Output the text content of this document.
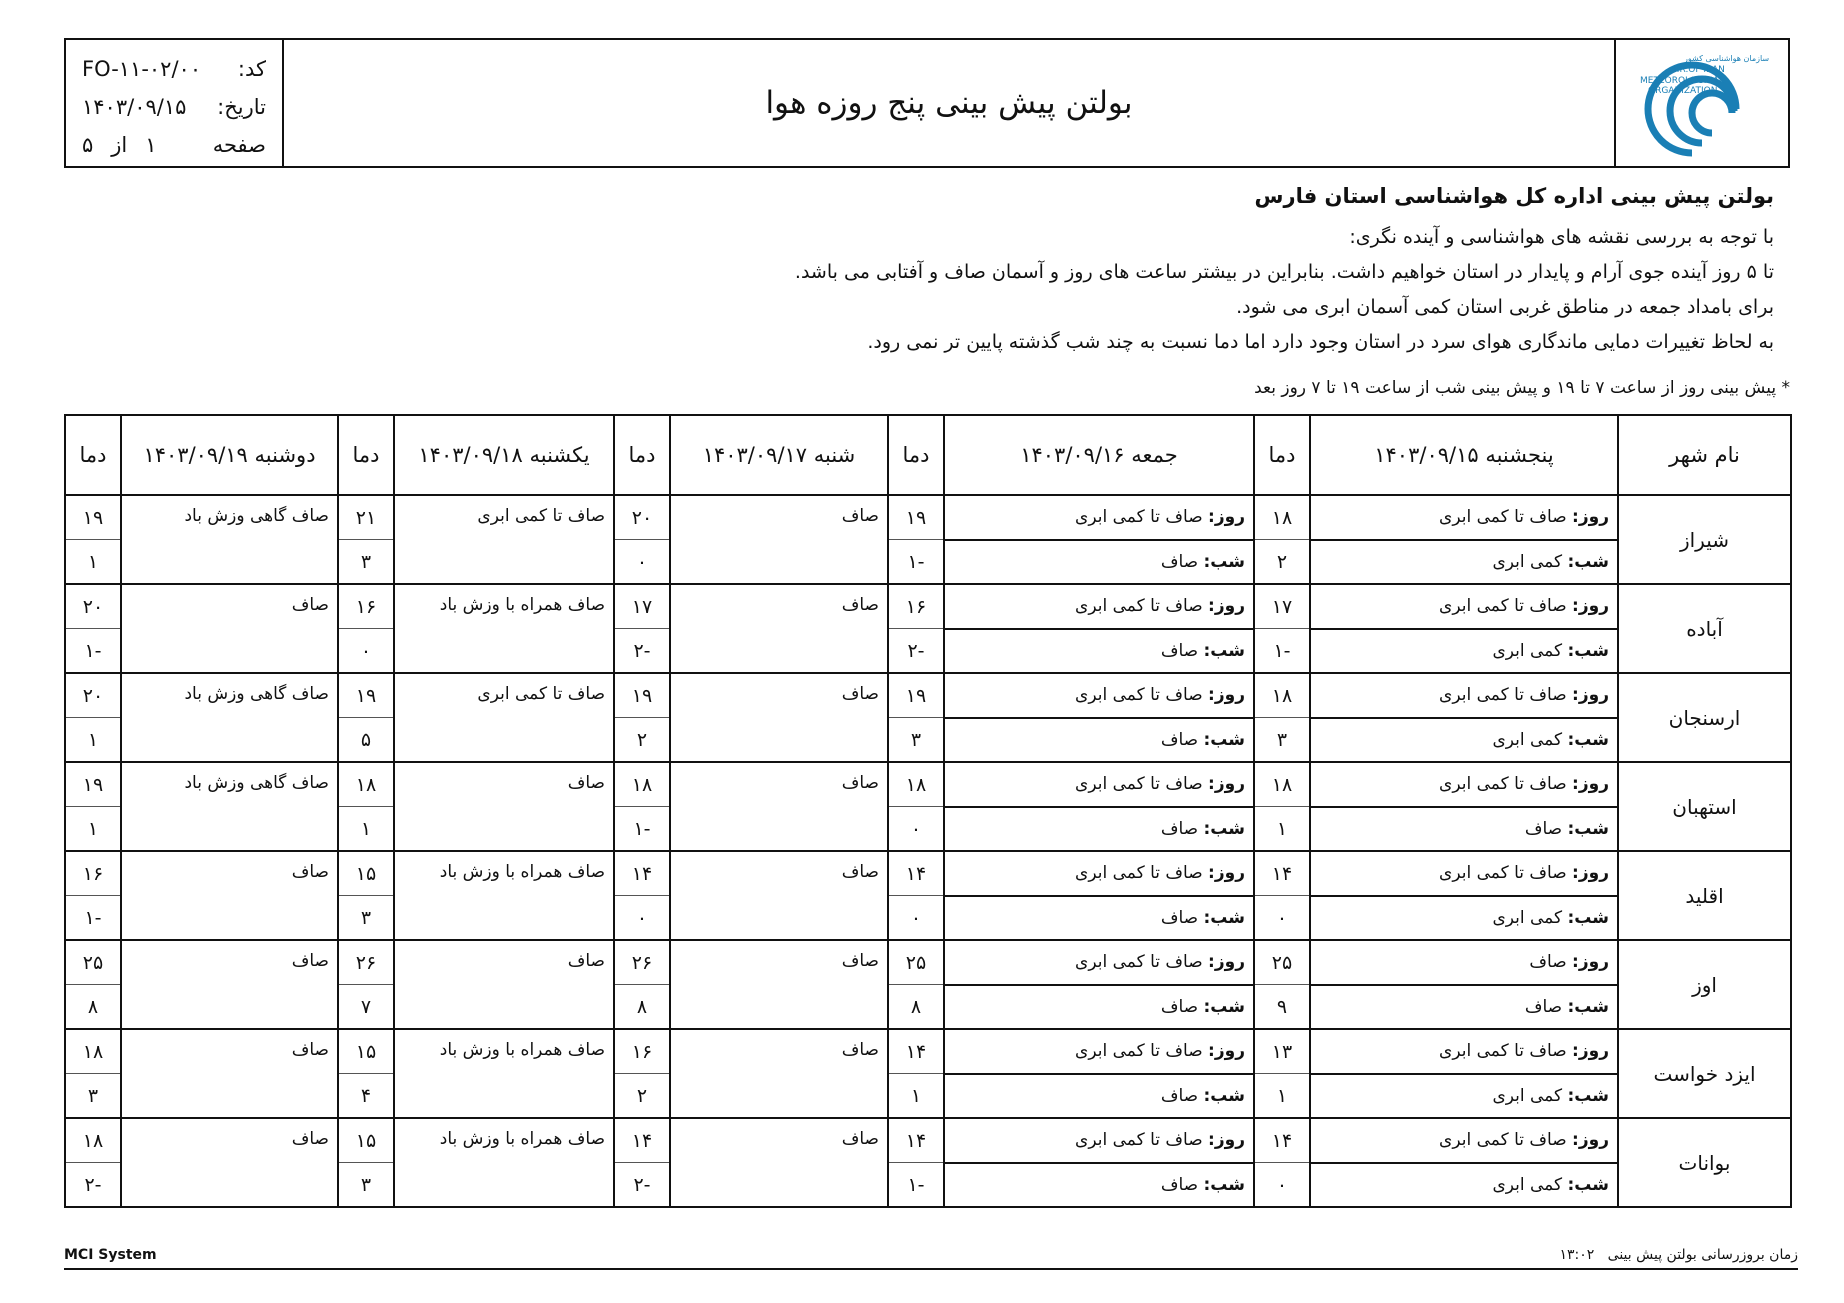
کد:
FO-۱۱-۰۲/۰۰
تاریخ:
۱۴۰۳/۰۹/۱۵
صفحه
۱
از
۵
بولتن پیش بینی پنج روزه هوا
سازمان هواشناسی کشور
I.R.OF IRAN
METEOROLOGICAL
ORGANIZATION
بولتن پیش بینی اداره کل هواشناسی استان فارس
با توجه به بررسی نقشه های هواشناسی و آینده نگری:
تا ۵ روز آینده جوی آرام و پایدار در استان خواهیم داشت. بنابراین در بیشتر ساعت های روز و آسمان صاف و آفتابی می باشد.
برای بامداد جمعه در مناطق غربی استان کمی آسمان ابری می شود.
به لحاظ تغییرات دمایی ماندگاری هوای سرد در استان وجود دارد اما دما نسبت به چند شب گذشته پایین تر نمی رود.
* پیش بینی روز از ساعت ۷ تا ۱۹ و پیش بینی شب از ساعت ۱۹ تا ۷ روز بعد
نام شهر	پنجشنبه ۱۴۰۳/۰۹/۱۵	دما	جمعه ۱۴۰۳/۰۹/۱۶	دما	شنبه ۱۴۰۳/۰۹/۱۷	دما	یکشنبه ۱۴۰۳/۰۹/۱۸	دما	دوشنبه ۱۴۰۳/۰۹/۱۹	دما
شیراز	روز: صاف تا کمی ابری	۱۸	روز: صاف تا کمی ابری	۱۹	صاف	۲۰	صاف تا کمی ابری	۲۱	صاف گاهی وزش باد	۱۹
	شب: کمی ابری	۲	شب: صاف	-۱		۰		۳		۱
آباده	روز: صاف تا کمی ابری	۱۷	روز: صاف تا کمی ابری	۱۶	صاف	۱۷	صاف همراه با وزش باد	۱۶	صاف	۲۰
	شب: کمی ابری	-۱	شب: صاف	-۲		-۲		۰		-۱
ارسنجان	روز: صاف تا کمی ابری	۱۸	روز: صاف تا کمی ابری	۱۹	صاف	۱۹	صاف تا کمی ابری	۱۹	صاف گاهی وزش باد	۲۰
	شب: کمی ابری	۳	شب: صاف	۳		۲		۵		۱
استهبان	روز: صاف تا کمی ابری	۱۸	روز: صاف تا کمی ابری	۱۸	صاف	۱۸	صاف	۱۸	صاف گاهی وزش باد	۱۹
	شب: صاف	۱	شب: صاف	۰		-۱		۱		۱
اقلید	روز: صاف تا کمی ابری	۱۴	روز: صاف تا کمی ابری	۱۴	صاف	۱۴	صاف همراه با وزش باد	۱۵	صاف	۱۶
	شب: کمی ابری	۰	شب: صاف	۰		۰		۳		-۱
اوز	روز: صاف	۲۵	روز: صاف تا کمی ابری	۲۵	صاف	۲۶	صاف	۲۶	صاف	۲۵
	شب: صاف	۹	شب: صاف	۸		۸		۷		۸
ایزد خواست	روز: صاف تا کمی ابری	۱۳	روز: صاف تا کمی ابری	۱۴	صاف	۱۶	صاف همراه با وزش باد	۱۵	صاف	۱۸
	شب: کمی ابری	۱	شب: صاف	۱		۲		۴		۳
بوانات	روز: صاف تا کمی ابری	۱۴	روز: صاف تا کمی ابری	۱۴	صاف	۱۴	صاف همراه با وزش باد	۱۵	صاف	۱۸
	شب: کمی ابری	۰	شب: صاف	-۱		-۲		۳		-۲
MCI System	زمان بروزرسانی بولتن پیش بینی   ۱۳:۰۲
